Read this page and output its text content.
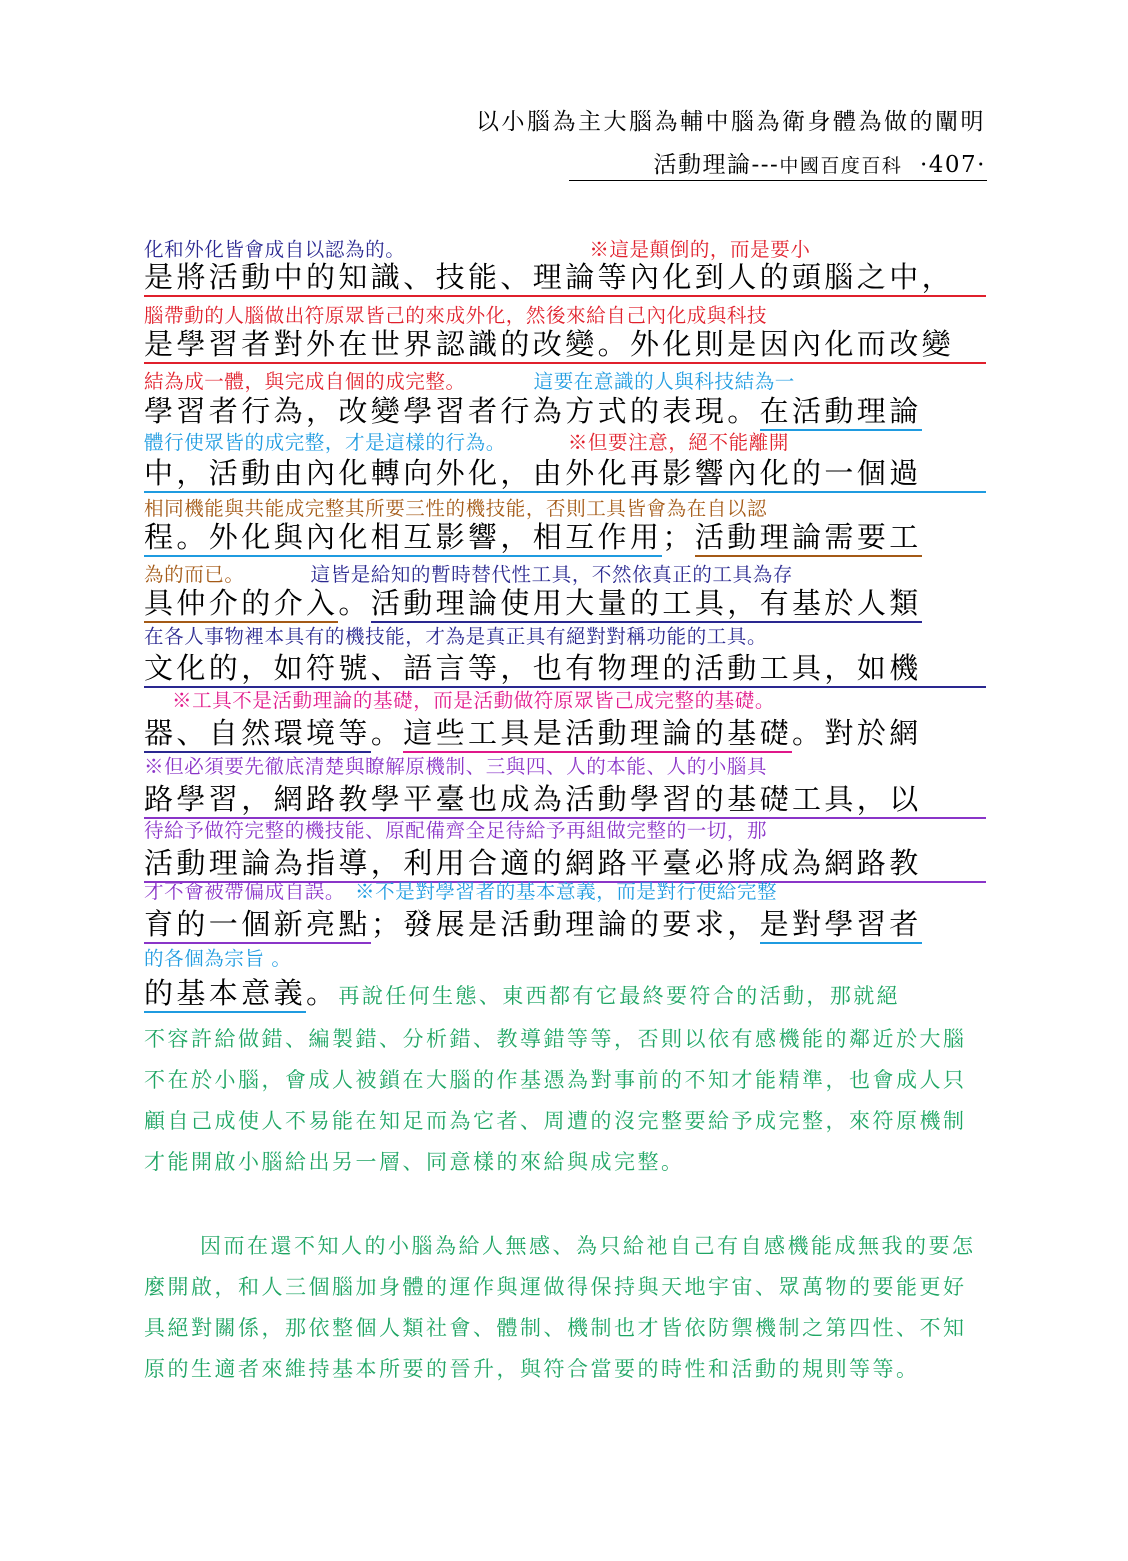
以小腦為主大腦為輔中腦為衛身體為做的闡明
活動理論---中國百度百科 ·407·
化和外化皆會成自以認為的。	※這是顛倒的，而是要小
是將活動中的知識、技能、理論等內化到人的頭腦之中，
腦帶動的人腦做出符原眾皆己的來成外化，然後來給自己內化成與科技
是學習者對外在世界認識的改變。外化則是因內化而改變
結為成一體，與完成自個的成完整。	這要在意識的人與科技結為一
學習者行為，改變學習者行為方式的表現。在活動理論
體行使眾皆的成完整，才是這樣的行為。	※但要注意，絕不能離開
中，活動由內化轉向外化，由外化再影響內化的一個過
相同機能與共能成完整其所要三性的機技能，否則工具皆會為在自以認
程。外化與內化相互影響，相互作用；活動理論需要工
為的而已。	這皆是給知的暫時替代性工具，不然依真正的工具為存
具仲介的介入。活動理論使用大量的工具，有基於人類
在各人事物裡本具有的機技能，才為是真正具有絕對對稱功能的工具。
文化的，如符號、語言等，也有物理的活動工具，如機
※工具不是活動理論的基礎，而是活動做符原眾皆己成完整的基礎。
器、自然環境等。這些工具是活動理論的基礎。對於網
※但必須要先徹底清楚與瞭解原機制、三與四、人的本能、人的小腦具
路學習，網路教學平臺也成為活動學習的基礎工具，以
待給予做符完整的機技能、原配備齊全足待給予再組做完整的一切，那
活動理論為指導，利用合適的網路平臺必將成為網路教
才不會被帶偏成自誤。 ※不是對學習者的基本意義，而是對行使給完整
育的一個新亮點；發展是活動理論的要求，是對學習者
的各個為宗旨 。
的基本意義。再說任何生態、東西都有它最終要符合的活動，那就絕

不容許給做錯、編製錯、分析錯、教導錯等等，否則以依有感機能的鄰近於大腦不在於小腦，會成人被鎖在大腦的作基憑為對事前的不知才能精準，也會成人只顧自己成使人不易能在知足而為它者、周遭的沒完整要給予成完整，來符原機制才能開啟小腦給出另一層、同意樣的來給與成完整。

因而在還不知人的小腦為給人無感、為只給祂自己有自感機能成無我的要怎麼開啟，和人三個腦加身體的運作與運做得保持與天地宇宙、眾萬物的要能更好具絕對關係，那依整個人類社會、體制、機制也才皆依防禦機制之第四性、不知原的生適者來維持基本所要的晉升，與符合當要的時性和活動的規則等等。
